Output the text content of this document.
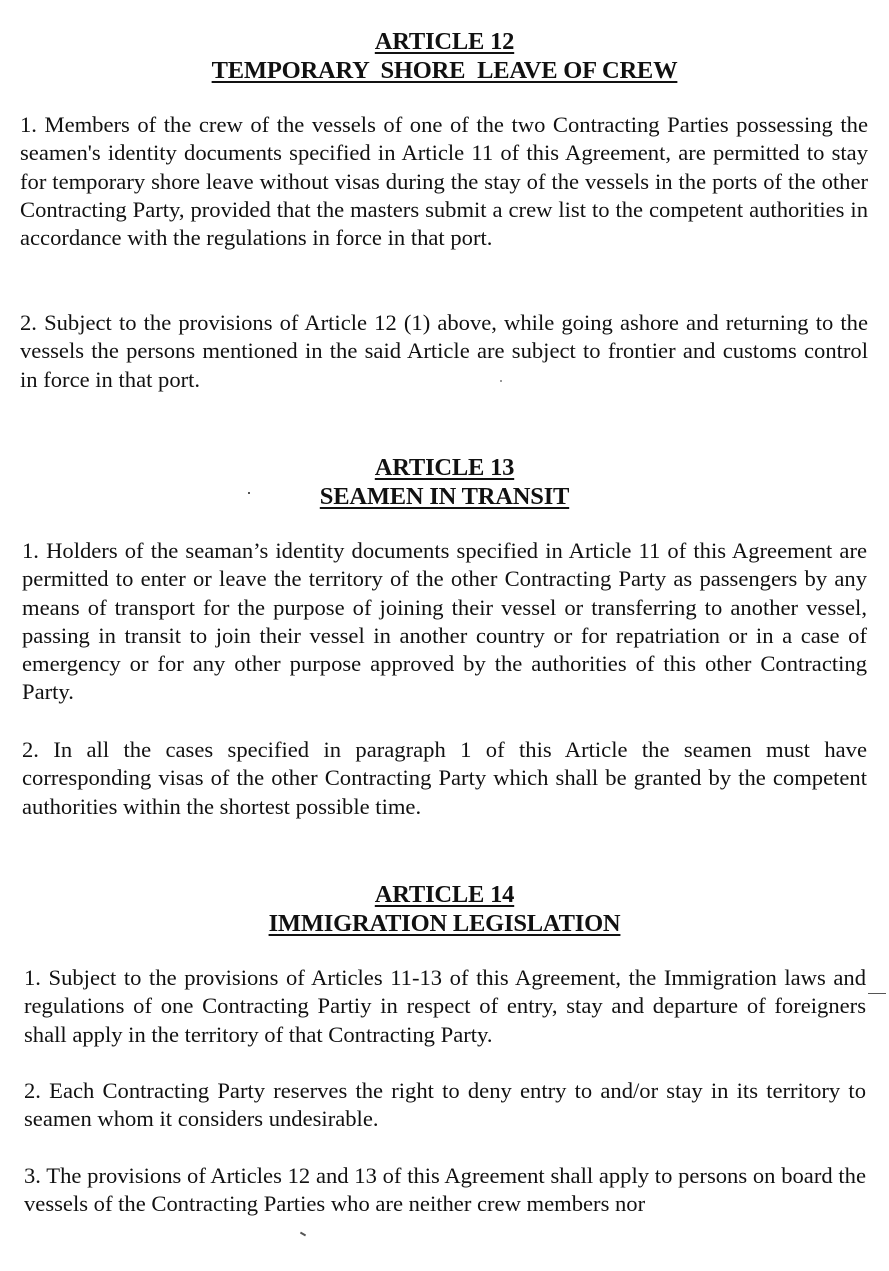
ARTICLE 12
TEMPORARY  SHORE  LEAVE OF CREW

1. Members of the crew of the vessels of one of the two Contracting Parties possessing the seamen's identity documents specified in Article 11 of this Agreement, are permitted to stay for temporary shore leave without visas during the stay of the vessels in the ports of the other Contracting Party, provided that the masters submit a crew list to the competent authorities in accordance with the regulations in force in that port.

2. Subject to the provisions of Article 12 (1) above, while going ashore and returning to the vessels the persons mentioned in the said Article are subject to frontier and customs control in force in that port.

ARTICLE 13
SEAMEN IN TRANSIT

1. Holders of the seaman’s identity documents specified in Article 11 of this Agreement are permitted to enter or leave the territory of the other Contracting Party as passengers by any means of transport for the purpose of joining their vessel or transferring to another vessel, passing in transit to join their vessel in another country or for repatriation or in a case of emergency or for any other purpose approved by the authorities of this other Contracting Party.

2. In all the cases specified in paragraph 1 of this Article the seamen must have corresponding visas of the other Contracting Party which shall be granted by the competent authorities within the shortest possible time.

ARTICLE 14
IMMIGRATION LEGISLATION

1. Subject to the provisions of Articles 11-13 of this Agreement, the Immigration laws and regulations of one Contracting Partiy in respect of entry, stay and departure of foreigners shall apply in the territory of that Contracting Party.

2. Each Contracting Party reserves the right to deny entry to and/or stay in its territory to seamen whom it considers undesirable.

3. The provisions of Articles 12 and 13 of this Agreement shall apply to persons on board the vessels of the Contracting Parties who are neither crew members nor
